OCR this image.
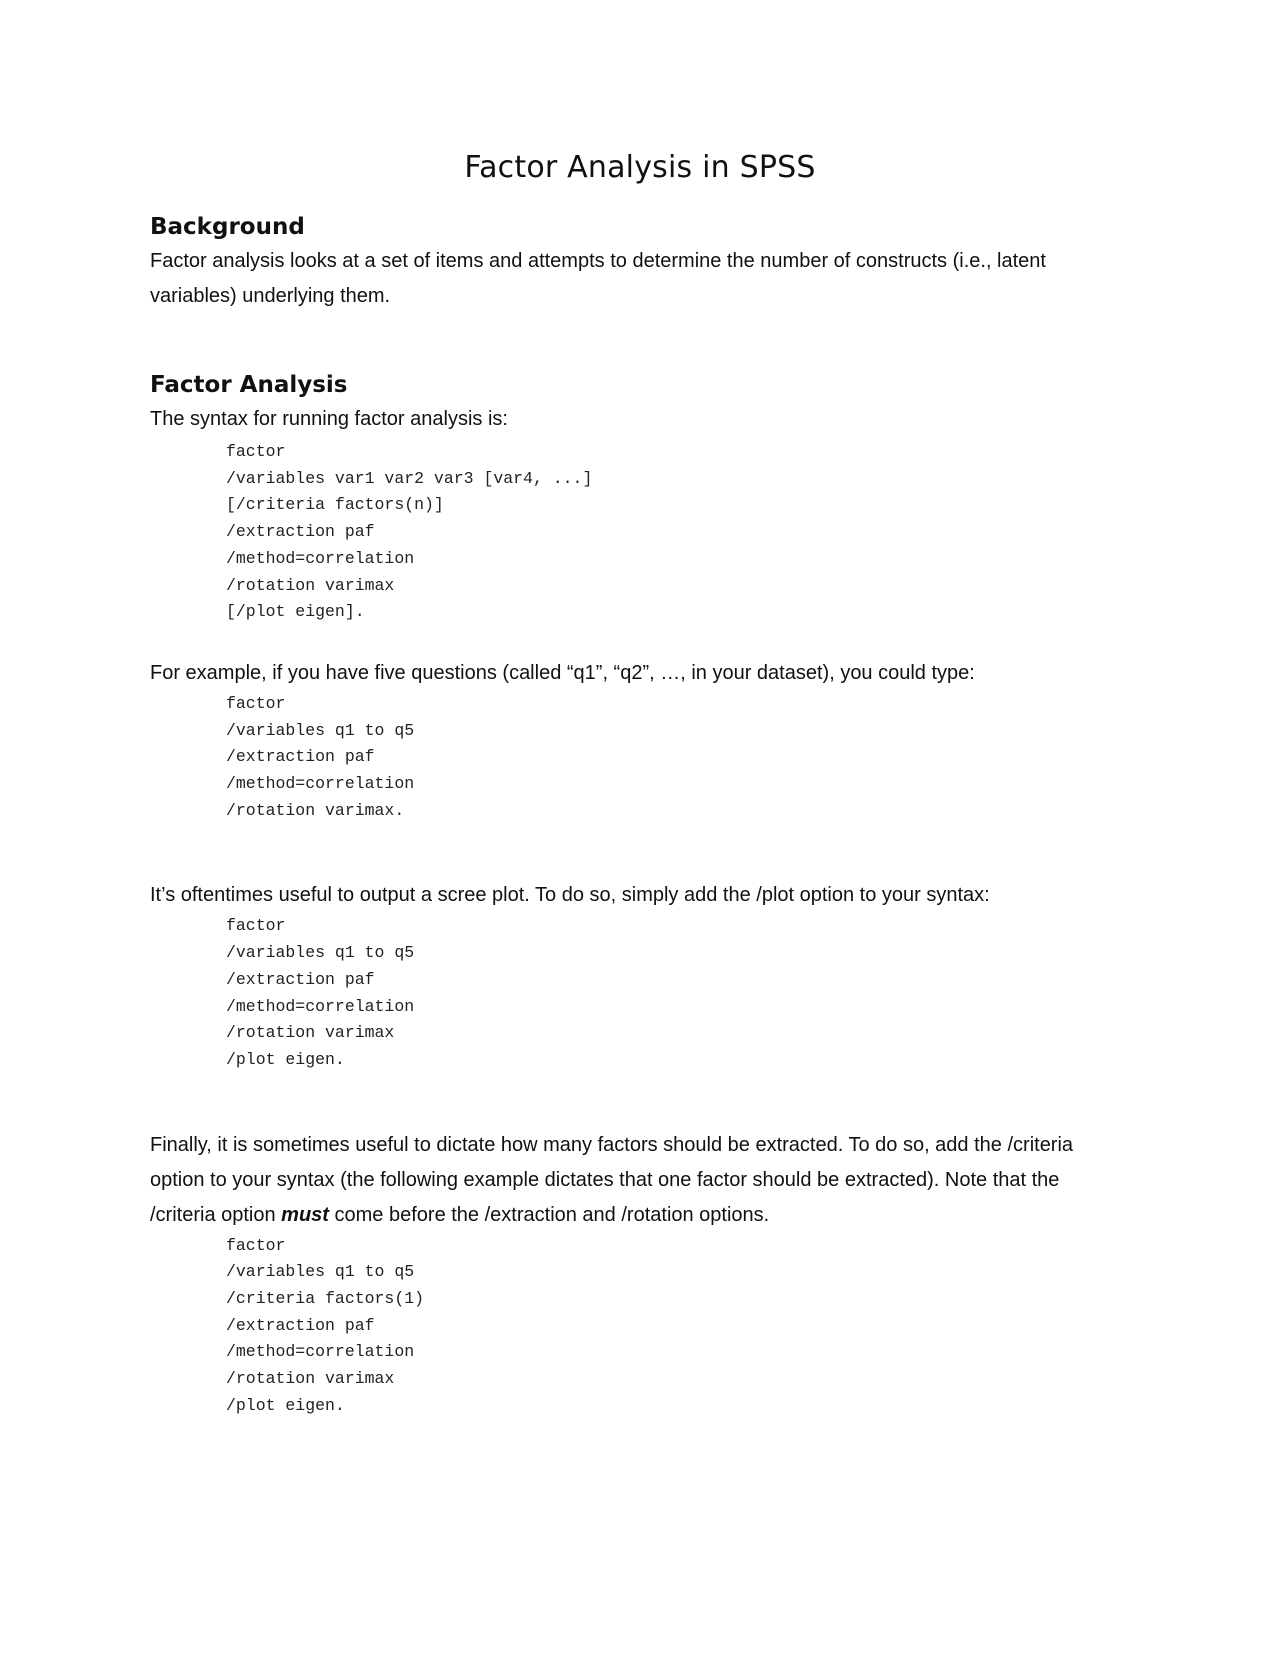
Factor Analysis in SPSS
Background

Factor analysis looks at a set of items and attempts to determine the number of constructs (i.e., latent variables) underlying them.

Factor Analysis

The syntax for running factor analysis is:

factor
/variables var1 var2 var3 [var4, ...]
[/criteria factors(n)]
/extraction paf
/method=correlation
/rotation varimax
[/plot eigen].

For example, if you have five questions (called “q1”, “q2”, …, in your dataset), you could type:

factor
/variables q1 to q5
/extraction paf
/method=correlation
/rotation varimax.

It’s oftentimes useful to output a scree plot. To do so, simply add the /plot option to your syntax:

factor
/variables q1 to q5
/extraction paf
/method=correlation
/rotation varimax
/plot eigen.

Finally, it is sometimes useful to dictate how many factors should be extracted. To do so, add the /criteria option to your syntax (the following example dictates that one factor should be extracted). Note that the /criteria option must come before the /extraction and /rotation options.

factor
/variables q1 to q5
/criteria factors(1)
/extraction paf
/method=correlation
/rotation varimax
/plot eigen.
